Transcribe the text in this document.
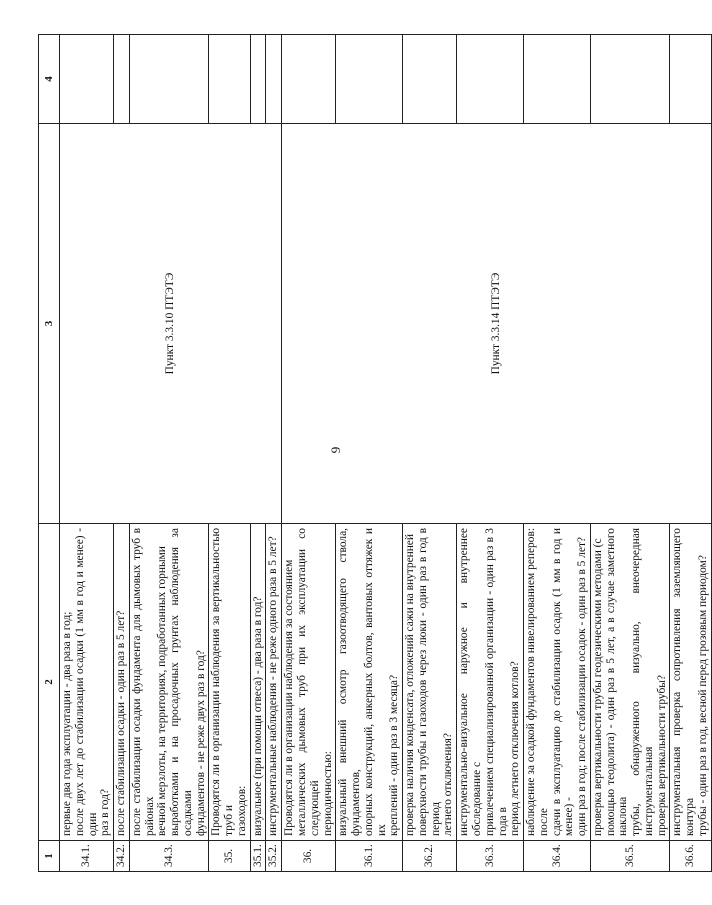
9
1	2	3	4
34.1.	первые два года эксплуатации - два раза в год;
после двух лет до стабилизации осадки (1 мм в год и менее) - один
раз в год?	Пункт 3.3.10 ПТЭТЭ	
34.2.	после стабилизации осадки - один раз в 5 лет?		
34.3.	после стабилизации осадки фундамента для дымовых труб в районах
вечной мерзлоты, на территориях, подработанных горными
выработками и на просадочных грунтах наблюдения за осадками
фундаментов - не реже двух раз в год?		
35.	Проводятся ли в организации наблюдения за вертикальностью труб и
газоходов:		
35.1.	визуальное (при помощи отвеса) - два раза в год?		
35.2.	инструментальные наблюдения - не реже одного раза в 5 лет?		
36.	Проводятся ли в организации наблюдения за состоянием
металлических дымовых труб при их эксплуатации со следующей
периодичностью:	Пункт 3.3.14 ПТЭТЭ	
36.1.	визуальный внешний осмотр газоотводящего ствола, фундаментов,
опорных конструкций, анкерных болтов, вантовых оттяжек и их
креплений - один раз в 3 месяца?		
36.2.	проверка наличия конденсата, отложений сажи на внутренней
поверхности трубы и газоходов через люки - один раз в год в период
летнего отключения?		
36.3.	инструментально-визуальное наружное и внутреннее обследование с
привлечением специализированной организации - один раз в 3 года в
период летнего отключения котлов?		
36.4.	наблюдение за осадкой фундаментов нивелированием реперов: после
сдачи в эксплуатацию до стабилизации осадок (1 мм в год и менее) -
один раз в год; после стабилизации осадок - один раз в 5 лет?		
36.5.	проверка вертикальности трубы геодезическими методами (с
помощью теодолита) - один раз в 5 лет, а в случае заметного наклона
трубы, обнаруженного визуально, внеочередная инструментальная
проверка вертикальности трубы?		
36.6.	инструментальная проверка сопротивления заземляющего контура
трубы - один раз в год, весной перед грозовым периодом?		
